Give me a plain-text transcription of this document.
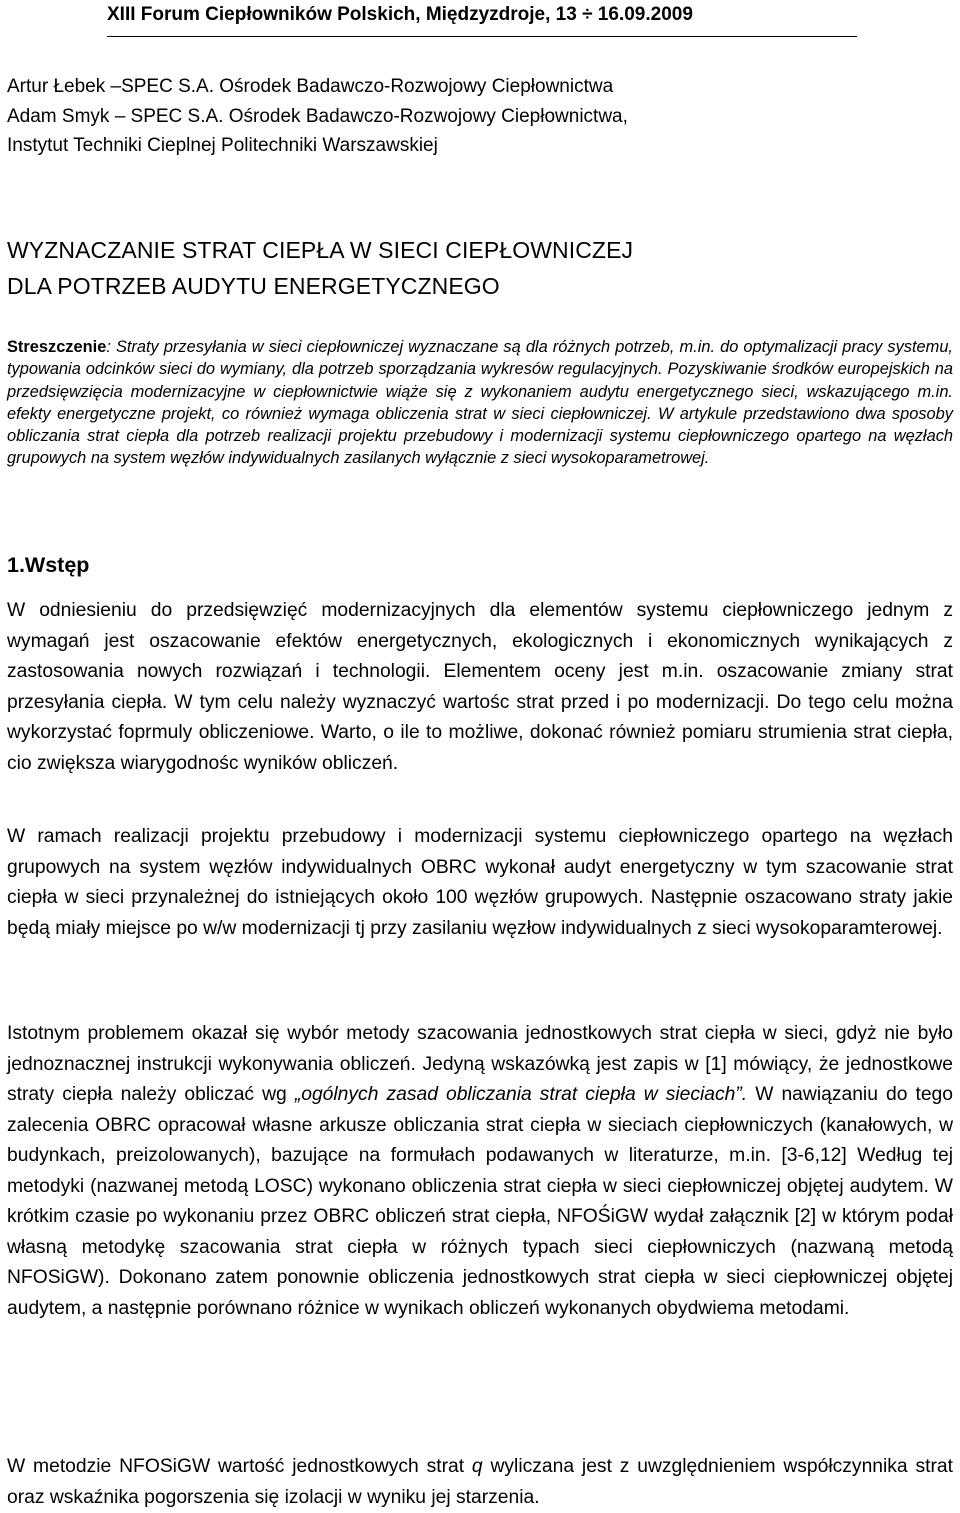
XIII Forum Ciepłowników Polskich, Międzyzdroje, 13 ÷ 16.09.2009
Artur Łebek –SPEC S.A. Ośrodek Badawczo-Rozwojowy Ciepłownictwa
Adam Smyk – SPEC S.A. Ośrodek Badawczo-Rozwojowy Ciepłownictwa,
Instytut Techniki Cieplnej Politechniki Warszawskiej
WYZNACZANIE STRAT CIEPŁA W SIECI CIEPŁOWNICZEJ
DLA POTRZEB AUDYTU ENERGETYCZNEGO
Streszczenie: Straty przesyłania w sieci ciepłowniczej wyznaczane są dla różnych potrzeb, m.in. do optymalizacji pracy systemu, typowania odcinków sieci do wymiany, dla potrzeb sporządzania wykresów regulacyjnych. Pozyskiwanie środków europejskich na przedsięwzięcia modernizacyjne w ciepłownictwie wiąże się z wykonaniem audytu energetycznego sieci, wskazującego m.in. efekty energetyczne projekt, co również wymaga obliczenia strat w sieci ciepłowniczej. W artykule przedstawiono dwa sposoby obliczania strat ciepła dla potrzeb realizacji projektu przebudowy i modernizacji systemu ciepłowniczego opartego na węzłach grupowych na system węzłów indywidualnych zasilanych wyłącznie z sieci wysokoparametrowej.
1.Wstęp
W odniesieniu do przedsięwzięć modernizacyjnych dla elementów systemu ciepłowniczego jednym z wymagań jest oszacowanie efektów energetycznych, ekologicznych i ekonomicznych wynikających z zastosowania nowych rozwiązań i technologii. Elementem oceny jest m.in. oszacowanie zmiany strat przesyłania ciepła. W tym celu należy wyznaczyć wartośc strat przed i po modernizacji. Do tego celu można wykorzystać foprmuly obliczeniowe. Warto, o ile to możliwe, dokonać również pomiaru strumienia strat ciepła, cio zwiększa wiarygodnośc wyników obliczeń.
W ramach realizacji projektu przebudowy i modernizacji systemu ciepłowniczego opartego na węzłach grupowych na system węzłów indywidualnych OBRC wykonał audyt energetyczny w tym szacowanie strat ciepła w sieci przynależnej do istniejących około 100 węzłów grupowych. Następnie oszacowano straty jakie będą miały miejsce po w/w modernizacji tj przy zasilaniu węzłow indywidualnych z sieci wysokoparamterowej.
Istotnym problemem okazał się wybór metody szacowania jednostkowych strat ciepła w sieci, gdyż nie było jednoznacznej instrukcji wykonywania obliczeń. Jedyną wskazówką jest zapis w [1] mówiący, że jednostkowe straty ciepła należy obliczać wg „ogólnych zasad obliczania strat ciepła w sieciach”. W nawiązaniu do tego zalecenia OBRC opracował własne arkusze obliczania strat ciepła w sieciach ciepłowniczych (kanałowych, w budynkach, preizolowanych), bazujące na formułach podawanych w literaturze, m.in. [3-6,12] Według tej metodyki (nazwanej metodą LOSC) wykonano obliczenia strat ciepła w sieci ciepłowniczej objętej audytem. W krótkim czasie po wykonaniu przez OBRC obliczeń strat ciepła, NFOŚiGW wydał załącznik [2] w którym podał własną metodykę szacowania strat ciepła w różnych typach sieci ciepłowniczych (nazwaną metodą NFOSiGW). Dokonano zatem ponownie obliczenia jednostkowych strat ciepła w sieci ciepłowniczej objętej audytem, a następnie porównano różnice w wynikach obliczeń wykonanych obydwiema metodami.
W metodzie NFOSiGW wartość jednostkowych strat q wyliczana jest z uwzględnieniem współczynnika strat oraz wskaźnika pogorszenia się izolacji w wyniku jej starzenia.
